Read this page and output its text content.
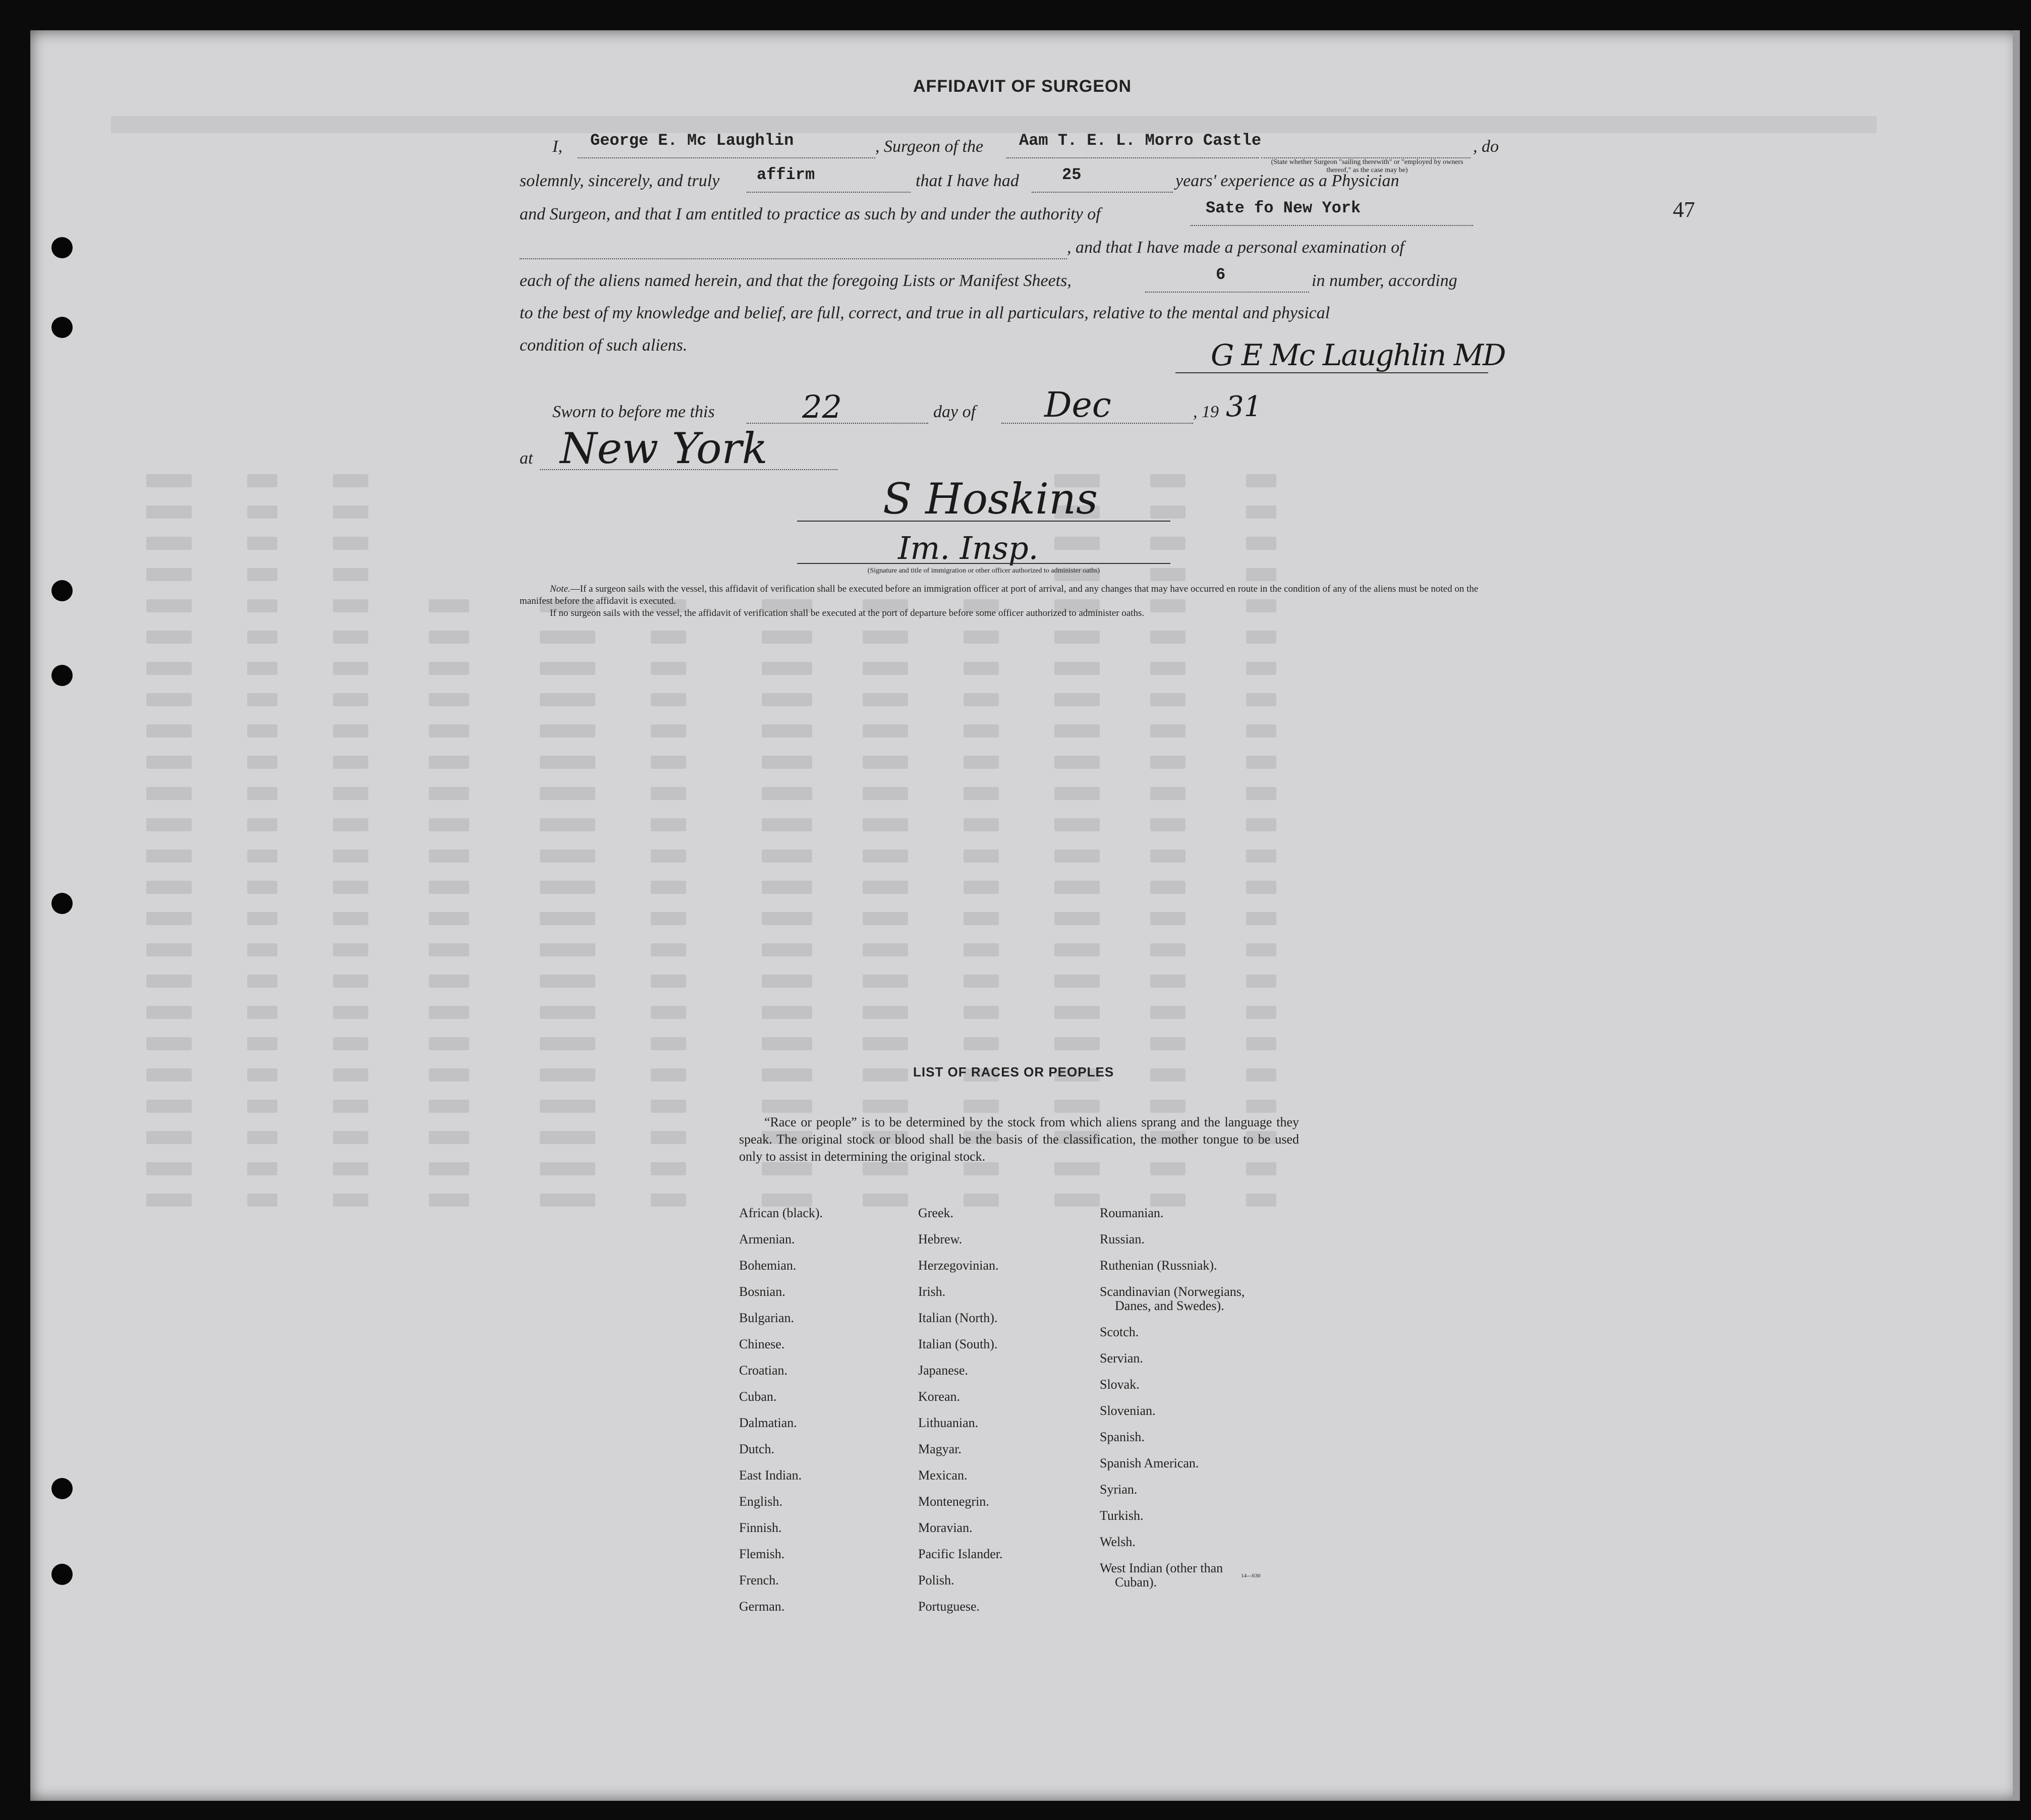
47
AFFIDAVIT OF SURGEON
I, George E. Mc Laughlin	, Surgeon of the Aam T. E. L. Morro Castle
(State whether Surgeon "sailing therewith" or "employed by owners thereof," as the case may be)
, do
solemnly, sincerely, and truly affirm	that I have had	25	years' experience as a Physician
and Surgeon, and that I am entitled to practice as such by and under the authority of	Sate fo New York
, and that I have made a personal examination of
each of the aliens named herein, and that the foregoing Lists or Manifest Sheets,	6	in number, according
to the best of my knowledge and belief, are full, correct, and true in all particulars, relative to the mental and physical
condition of such aliens.	G E Mc Laughlin MD
Sworn to before me this	22	day of Dec	, 19 31
at New York
S Hoskins
Im. Insp.
(Signature and title of immigration or other officer authorized to administer oaths)
Note.—If a surgeon sails with the vessel, this affidavit of verification shall be executed before an immigration officer at port of arrival, and any changes that may have occurred en route in the condition of any of the aliens must be noted on the manifest before the affidavit is executed.
If no surgeon sails with the vessel, the affidavit of verification shall be executed at the port of departure before some officer authorized to administer oaths.
LIST OF RACES OR PEOPLES
“Race or people” is to be determined by the stock from which aliens sprang and the language they speak. The original stock or blood shall be the basis of the classification, the mother tongue to be used only to assist in determining the original stock.
African (black).
Armenian.
Bohemian.
Bosnian.
Bulgarian.
Chinese.
Croatian.
Cuban.
Dalmatian.
Dutch.
East Indian.
English.
Finnish.
Flemish.
French.
German.
Greek.
Hebrew.
Herzegovinian.
Irish.
Italian (North).
Italian (South).
Japanese.
Korean.
Lithuanian.
Magyar.
Mexican.
Montenegrin.
Moravian.
Pacific Islander.
Polish.
Portuguese.
Roumanian.
Russian.
Ruthenian (Russniak).
Scandinavian (Norwegians,
Danes, and Swedes).
Scotch.
Servian.
Slovak.
Slovenian.
Spanish.
Spanish American.
Syrian.
Turkish.
Welsh.
West Indian (other than
Cuban).	14—630
